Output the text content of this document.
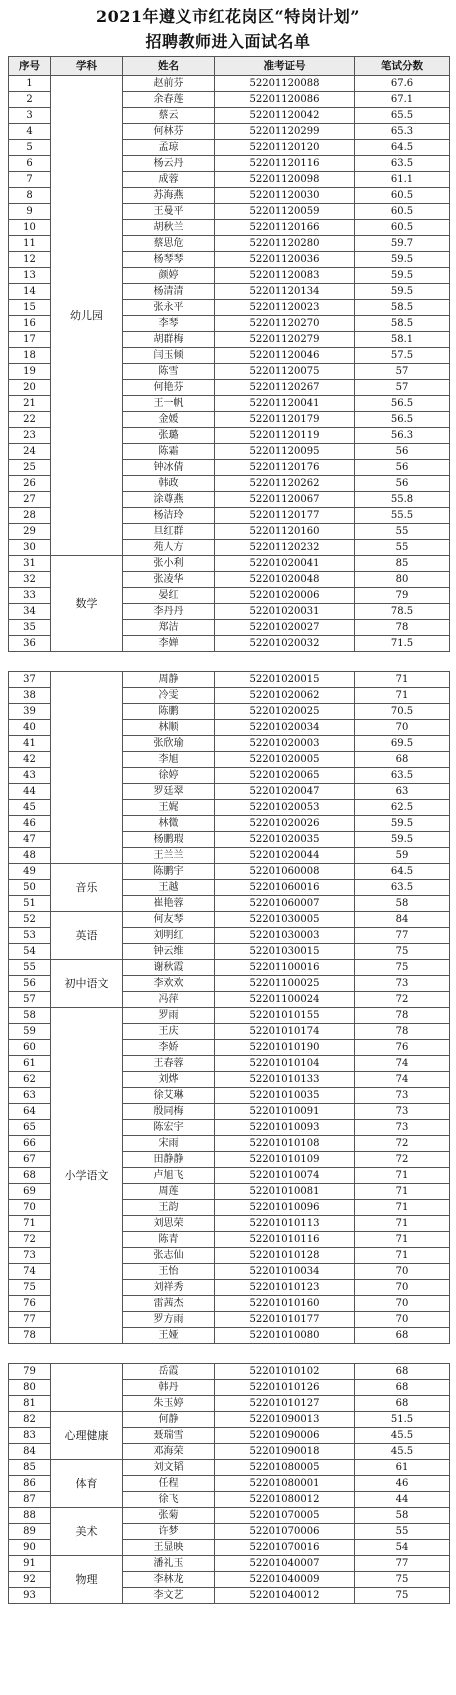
2021年遵义市红花岗区“特岗计划”
招聘教师进入面试名单
序号	学科	姓名	准考证号	笔试分数
1	幼儿园	赵前芬	52201120088	67.6
2		余春莲	52201120086	67.1
3		蔡云	52201120042	65.5
4		何林芬	52201120299	65.3
5		孟琼	52201120120	64.5
6		杨云丹	52201120116	63.5
7		成蓉	52201120098	61.1
8		苏海燕	52201120030	60.5
9		王曼平	52201120059	60.5
10		胡秋兰	52201120166	60.5
11		蔡思危	52201120280	59.7
12		杨琴琴	52201120036	59.5
13		颜婷	52201120083	59.5
14		杨清清	52201120134	59.5
15		张永平	52201120023	58.5
16		李琴	52201120270	58.5
17		胡群梅	52201120279	58.1
18		闫玉倾	52201120046	57.5
19		陈雪	52201120075	57
20		何艳芬	52201120267	57
21		王一帆	52201120041	56.5
22		金媛	52201120179	56.5
23		张璐	52201120119	56.3
24		陈霜	52201120095	56
25		钟冰倩	52201120176	56
26		韩政	52201120262	56
27		涂尊燕	52201120067	55.8
28		杨洁玲	52201120177	55.5
29		旦红群	52201120160	55
30		苑人方	52201120232	55
31	数学	张小利	52201020041	85
32		张凌华	52201020048	80
33		晏红	52201020006	79
34		李丹丹	52201020031	78.5
35		郑洁	52201020027	78
36		李婵	52201020032	71.5

37		周静	52201020015	71
38		冷雯	52201020062	71
39		陈鹏	52201020025	70.5
40		林顺	52201020034	70
41		张欣瑜	52201020003	69.5
42		李旭	52201020005	68
43		徐婷	52201020065	63.5
44		罗廷翠	52201020047	63
45		王娓	52201020053	62.5
46		林微	52201020026	59.5
47		杨鹏瑕	52201020035	59.5
48		王兰兰	52201020044	59
49	音乐	陈鹏宇	52201060008	64.5
50		王越	52201060016	63.5
51		崔艳蓉	52201060007	58
52	英语	何友琴	52201030005	84
53		刘明红	52201030003	77
54		钟云维	52201030015	75
55	初中语文	谢秋霞	52201100016	75
56		李欢欢	52201100025	73
57		冯萍	52201100024	72
58	小学语文	罗雨	52201010155	78
59		王庆	52201010174	78
60		李娇	52201010190	76
61		王春蓉	52201010104	74
62		刘烨	52201010133	74
63		徐艾琳	52201010035	73
64		殷同梅	52201010091	73
65		陈宏宇	52201010093	73
66		宋雨	52201010108	72
67		田静静	52201010109	72
68		卢旭飞	52201010074	71
69		周莲	52201010081	71
70		王韵	52201010096	71
71		刘思荣	52201010113	71
72		陈青	52201010116	71
73		张志仙	52201010128	71
74		王怡	52201010034	70
75		刘祥秀	52201010123	70
76		雷茜杰	52201010160	70
77		罗方雨	52201010177	70
78		王娅	52201010080	68

79		岳霞	52201010102	68
80		韩丹	52201010126	68
81		朱玉婷	52201010127	68
82	心理健康	何静	52201090013	51.5
83		聂瑞雪	52201090006	45.5
84		邓海荣	52201090018	45.5
85	体育	刘文韬	52201080005	61
86		任程	52201080001	46
87		徐飞	52201080012	44
88	美术	张菊	52201070005	58
89		许梦	52201070006	55
90		王显映	52201070016	54
91	物理	潘礼玉	52201040007	77
92		李林龙	52201040009	75
93		李文艺	52201040012	75
